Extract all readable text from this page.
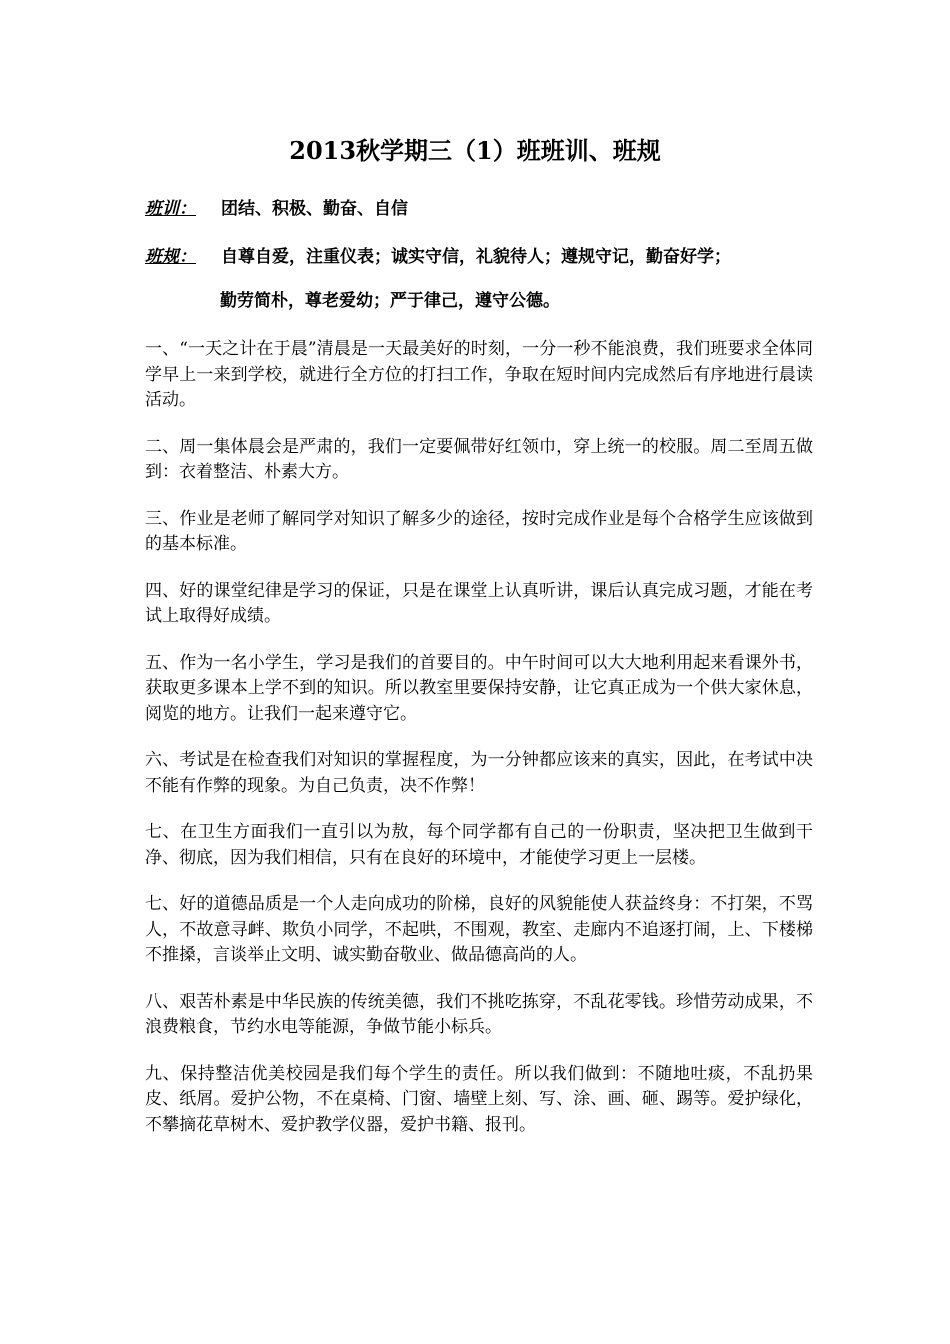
2013秋学期三（1）班班训、班规
班训： 团结、积极、勤奋、自信
班规： 自尊自爱，注重仪表；诚实守信，礼貌待人；遵规守记，勤奋好学；
勤劳简朴，尊老爱幼；严于律己，遵守公德。

一、“一天之计在于晨”清晨是一天最美好的时刻，一分一秒不能浪费，我们班要求全体同学早上一来到学校，就进行全方位的打扫工作，争取在短时间内完成然后有序地进行晨读活动。

二、周一集体晨会是严肃的，我们一定要佩带好红领巾，穿上统一的校服。周二至周五做到：衣着整洁、朴素大方。

三、作业是老师了解同学对知识了解多少的途径，按时完成作业是每个合格学生应该做到的基本标准。

四、好的课堂纪律是学习的保证，只是在课堂上认真听讲，课后认真完成习题，才能在考试上取得好成绩。

五、作为一名小学生，学习是我们的首要目的。中午时间可以大大地利用起来看课外书，获取更多课本上学不到的知识。所以教室里要保持安静，让它真正成为一个供大家休息，阅览的地方。让我们一起来遵守它。

六、考试是在检查我们对知识的掌握程度，为一分钟都应该来的真实，因此，在考试中决不能有作弊的现象。为自己负责，决不作弊！

七、在卫生方面我们一直引以为敖，每个同学都有自己的一份职责，坚决把卫生做到干净、彻底，因为我们相信，只有在良好的环境中，才能使学习更上一层楼。

七、好的道德品质是一个人走向成功的阶梯，良好的风貌能使人获益终身：不打架，不骂人，不故意寻衅、欺负小同学，不起哄，不围观，教室、走廊内不追逐打闹，上、下楼梯不推搡，言谈举止文明、诚实勤奋敬业、做品德高尚的人。

八、艰苦朴素是中华民族的传统美德，我们不挑吃拣穿，不乱花零钱。珍惜劳动成果，不浪费粮食，节约水电等能源，争做节能小标兵。

九、保持整洁优美校园是我们每个学生的责任。所以我们做到：不随地吐痰，不乱扔果皮、纸屑。爱护公物，不在桌椅、门窗、墙壁上刻、写、涂、画、砸、踢等。爱护绿化，不攀摘花草树木、爱护教学仪器，爱护书籍、报刊。
